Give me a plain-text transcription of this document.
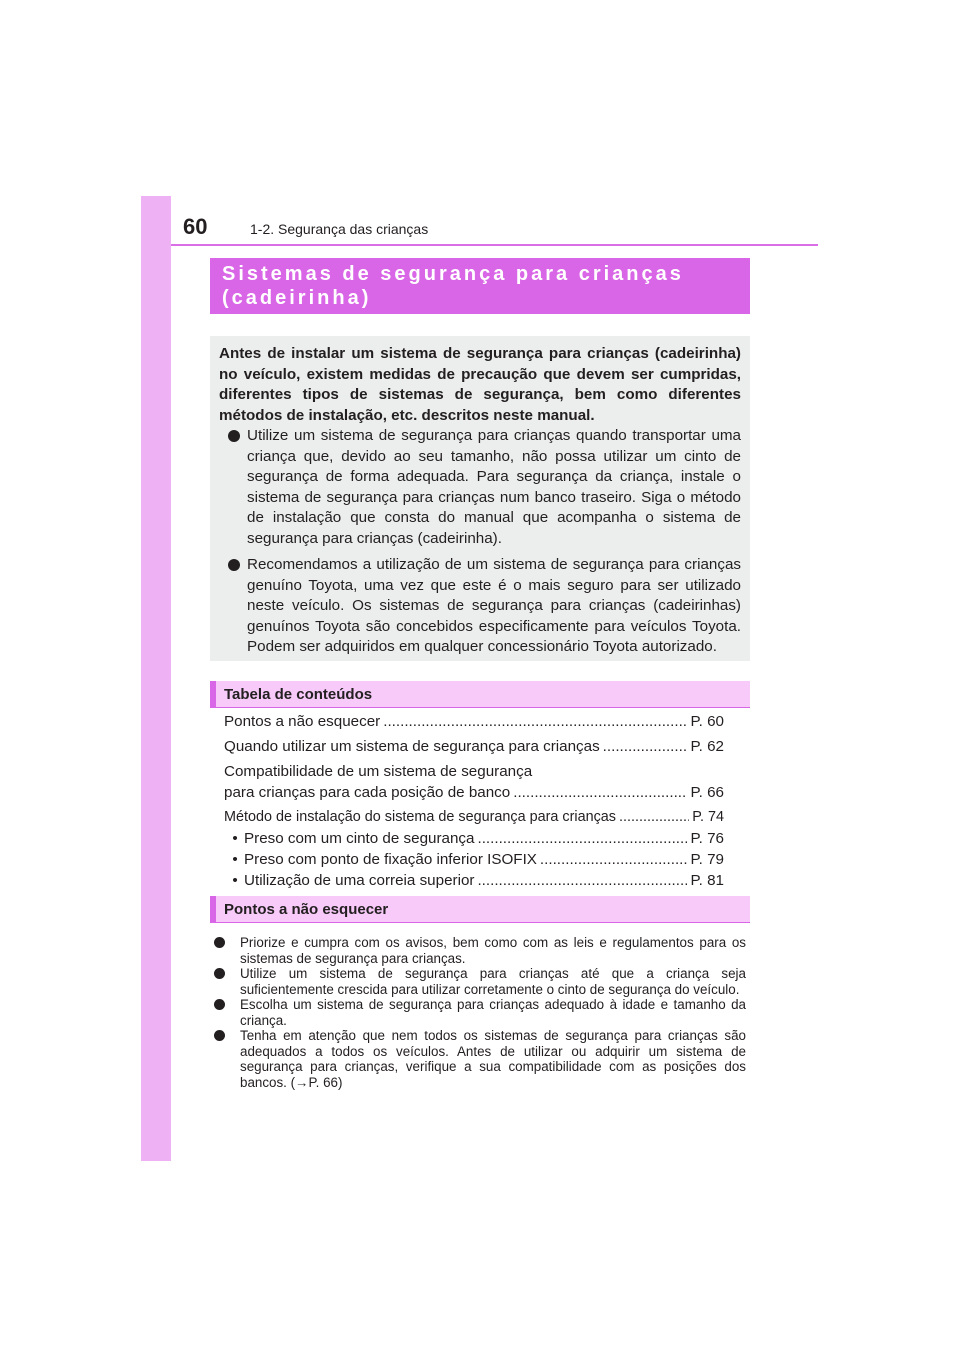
60	1-2. Segurança das crianças
Sistemas de segurança para crianças
(cadeirinha)
Antes de instalar um sistema de segurança para crianças (cadeirinha) no veículo, existem medidas de precaução que devem ser cumpridas, diferentes tipos de sistemas de segurança, bem como diferentes métodos de instalação, etc. descritos neste manual.
Utilize um sistema de segurança para crianças quando transportar uma criança que, devido ao seu tamanho, não possa utilizar um cinto de segurança de forma adequada. Para segurança da criança, instale o sistema de segurança para crianças num banco traseiro. Siga o método de instalação que consta do manual que acompanha o sistema de segurança para crianças (cadeirinha).
Recomendamos a utilização de um sistema de segurança para crianças genuíno Toyota, uma vez que este é o mais seguro para ser utilizado neste veículo. Os sistemas de segurança para crianças (cadeirinhas) genuínos Toyota são concebidos especificamente para veículos Toyota. Podem ser adquiridos em qualquer concessionário Toyota autorizado.
Tabela de conteúdos
Pontos a não esquecer .....	P. 60
Quando utilizar um sistema de segurança para crianças .....	P. 62
Compatibilidade de um sistema de segurança
para crianças para cada posição de banco .....	P. 66
Método de instalação do sistema de segurança para crianças .....	P. 74
• Preso com um cinto de segurança .....	P. 76
• Preso com ponto de fixação inferior ISOFIX .....	P. 79
• Utilização de uma correia superior .....	P. 81
Pontos a não esquecer
Priorize e cumpra com os avisos, bem como com as leis e regulamentos para os sistemas de segurança para crianças.
Utilize um sistema de segurança para crianças até que a criança seja suficientemente crescida para utilizar corretamente o cinto de segurança do veículo.
Escolha um sistema de segurança para crianças adequado à idade e tamanho da criança.
Tenha em atenção que nem todos os sistemas de segurança para crianças são adequados a todos os veículos. Antes de utilizar ou adquirir um sistema de segurança para crianças, verifique a sua compatibilidade com as posições dos bancos. (→P. 66)
